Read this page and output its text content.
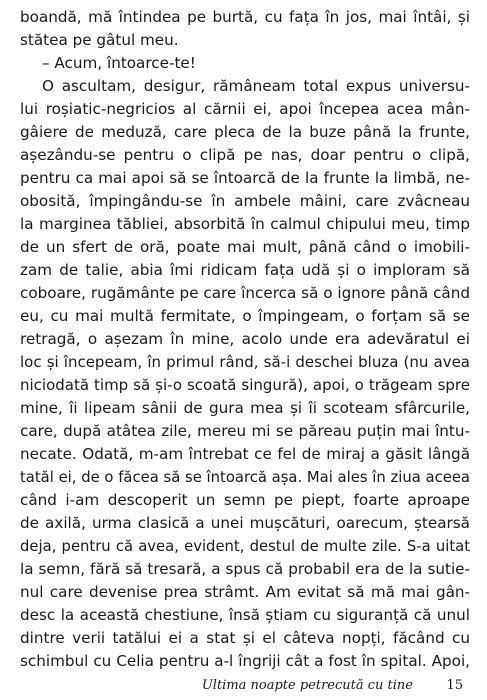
boandă, mă întindea pe burtă, cu fața în jos, mai întâi, și
stătea pe gâtul meu.
– Acum, întoarce-te!
O ascultam, desigur, rămâneam total expus universu-
lui roșiatic-negricios al cărnii ei, apoi începea acea mân-
gâiere de meduză, care pleca de la buze până la frunte,
așezându-se pentru o clipă pe nas, doar pentru o clipă,
pentru ca mai apoi să se întoarcă de la frunte la limbă, ne-
obosită, împingându-se în ambele mâini, care zvâcneau
la marginea tăbliei, absorbită în calmul chipului meu, timp
de un sfert de oră, poate mai mult, până când o imobili-
zam de talie, abia îmi ridicam fața udă și o imploram să
coboare, rugământe pe care încerca să o ignore până când
eu, cu mai multă fermitate, o împingeam, o forțam să se
retragă, o așezam în mine, acolo unde era adevăratul ei
loc și începeam, în primul rând, să-i deschei bluza (nu avea
niciodată timp să și-o scoată singură), apoi, o trăgeam spre
mine, îi lipeam sânii de gura mea și îi scoteam sfârcurile,
care, după atâtea zile, mereu mi se păreau puțin mai întu-
necate. Odată, m-am întrebat ce fel de miraj a găsit lângă
tatăl ei, de o făcea să se întoarcă așa. Mai ales în ziua aceea
când i-am descoperit un semn pe piept, foarte aproape
de axilă, urma clasică a unei mușcături, oarecum, ștearsă
deja, pentru că avea, evident, destul de multe zile. S-a uitat
la semn, fără să tresară, a spus că probabil era de la sutie-
nul care devenise prea strâmt. Am evitat să mă mai gân-
desc la această chestiune, însă știam cu siguranță că unul
dintre verii tatălui ei a stat și el câteva nopți, făcând cu
schimbul cu Celia pentru a-l îngriji cât a fost în spital. Apoi,
Ultima noapte petrecută cu tine	15
